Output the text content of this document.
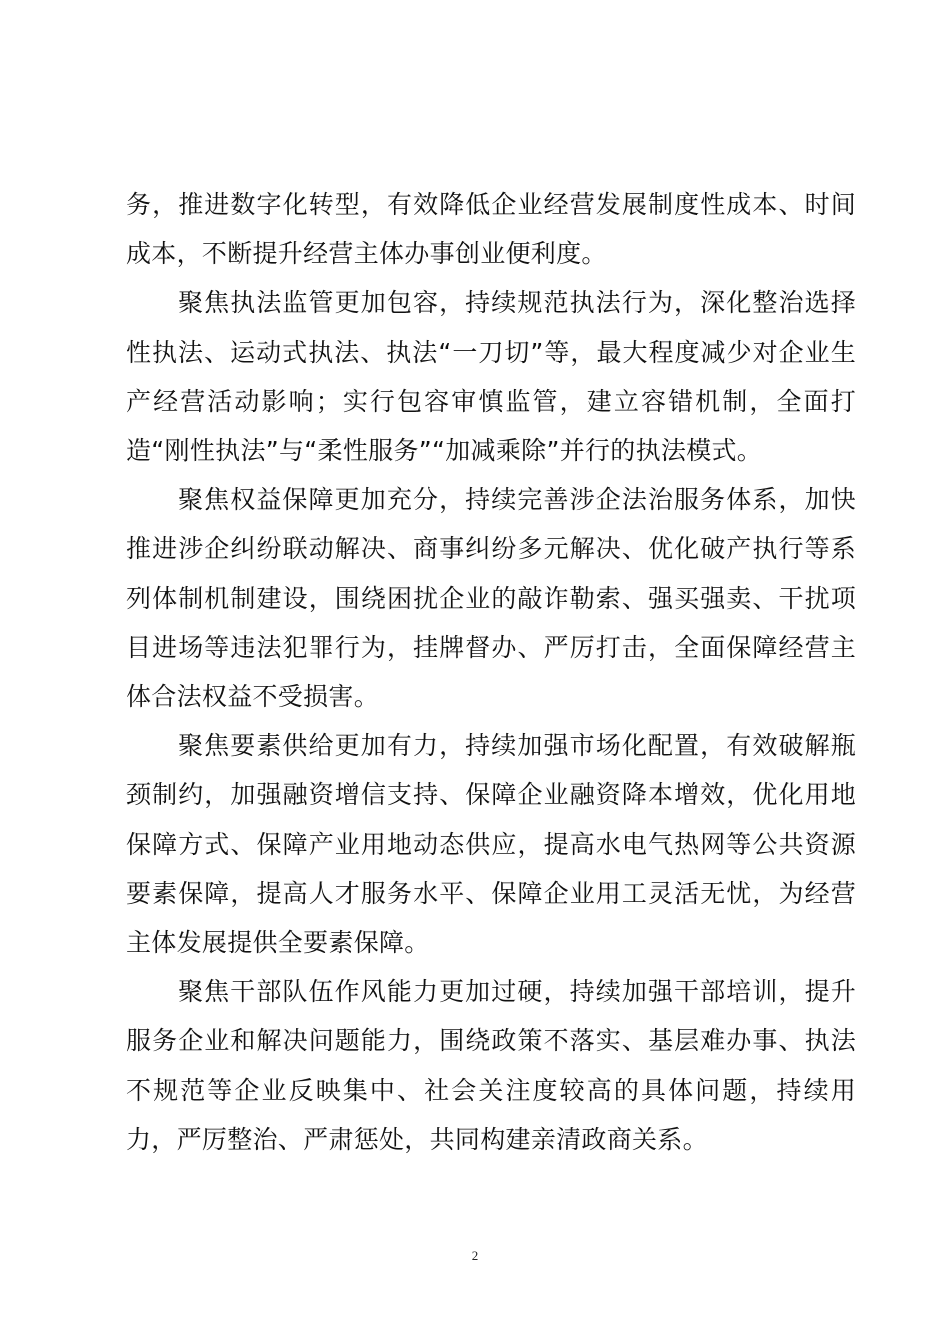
务，推进数字化转型，有效降低企业经营发展制度性成本、时间成本，不断提升经营主体办事创业便利度。

聚焦执法监管更加包容，持续规范执法行为，深化整治选择性执法、运动式执法、执法“一刀切”等，最大程度减少对企业生产经营活动影响；实行包容审慎监管，建立容错机制，全面打造“刚性执法”与“柔性服务”“加减乘除”并行的执法模式。

聚焦权益保障更加充分，持续完善涉企法治服务体系，加快推进涉企纠纷联动解决、商事纠纷多元解决、优化破产执行等系列体制机制建设，围绕困扰企业的敲诈勒索、强买强卖、干扰项目进场等违法犯罪行为，挂牌督办、严厉打击，全面保障经营主体合法权益不受损害。

聚焦要素供给更加有力，持续加强市场化配置，有效破解瓶颈制约，加强融资增信支持、保障企业融资降本增效，优化用地保障方式、保障产业用地动态供应，提高水电气热网等公共资源要素保障，提高人才服务水平、保障企业用工灵活无忧，为经营主体发展提供全要素保障。

聚焦干部队伍作风能力更加过硬，持续加强干部培训，提升服务企业和解决问题能力，围绕政策不落实、基层难办事、执法不规范等企业反映集中、社会关注度较高的具体问题，持续用力，严厉整治、严肃惩处，共同构建亲清政商关系。

2
